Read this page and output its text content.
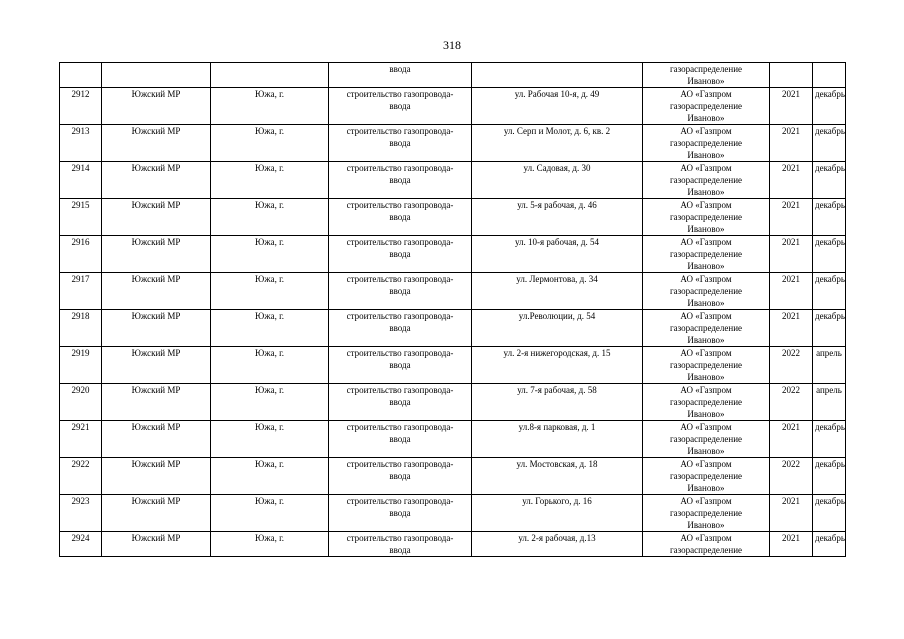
318

			ввода		газораспределение
Иваново»		

2912	Южский МР	Южа, г.	строительство газопровода-
ввода	ул. Рабочая 10-я, д. 49	АО «Газпром
газораспределение
Иваново»	2021	декабрь

2913	Южский МР	Южа, г.	строительство газопровода-
ввода	ул. Серп и Молот, д. 6, кв. 2	АО «Газпром
газораспределение
Иваново»	2021	декабрь

2914	Южский МР	Южа, г.	строительство газопровода-
ввода	ул. Садовая, д. 30	АО «Газпром
газораспределение
Иваново»	2021	декабрь

2915	Южский МР	Южа, г.	строительство газопровода-
ввода	ул. 5-я рабочая, д. 46	АО «Газпром
газораспределение
Иваново»	2021	декабрь

2916	Южский МР	Южа, г.	строительство газопровода-
ввода	ул. 10-я рабочая, д. 54	АО «Газпром
газораспределение
Иваново»	2021	декабрь

2917	Южский МР	Южа, г.	строительство газопровода-
ввода	ул. Лермонтова, д. 34	АО «Газпром
газораспределение
Иваново»	2021	декабрь

2918	Южский МР	Южа, г.	строительство газопровода-
ввода	ул.Революции, д. 54	АО «Газпром
газораспределение
Иваново»	2021	декабрь

2919	Южский МР	Южа, г.	строительство газопровода-
ввода	ул. 2-я нижегородская, д. 15	АО «Газпром
газораспределение
Иваново»	2022	апрель

2920	Южский МР	Южа, г.	строительство газопровода-
ввода	ул. 7-я рабочая, д. 58	АО «Газпром
газораспределение
Иваново»	2022	апрель

2921	Южский МР	Южа, г.	строительство газопровода-
ввода	ул.8-я парковая, д. 1	АО «Газпром
газораспределение
Иваново»	2021	декабрь

2922	Южский МР	Южа, г.	строительство газопровода-
ввода	ул. Мостовская, д. 18	АО «Газпром
газораспределение
Иваново»	2022	декабрь

2923	Южский МР	Южа, г.	строительство газопровода-
ввода	ул. Горького, д. 16	АО «Газпром
газораспределение
Иваново»	2021	декабрь

2924	Южский МР	Южа, г.	строительство газопровода-
ввода	ул. 2-я рабочая, д.13	АО «Газпром
газораспределение	2021	декабрь
